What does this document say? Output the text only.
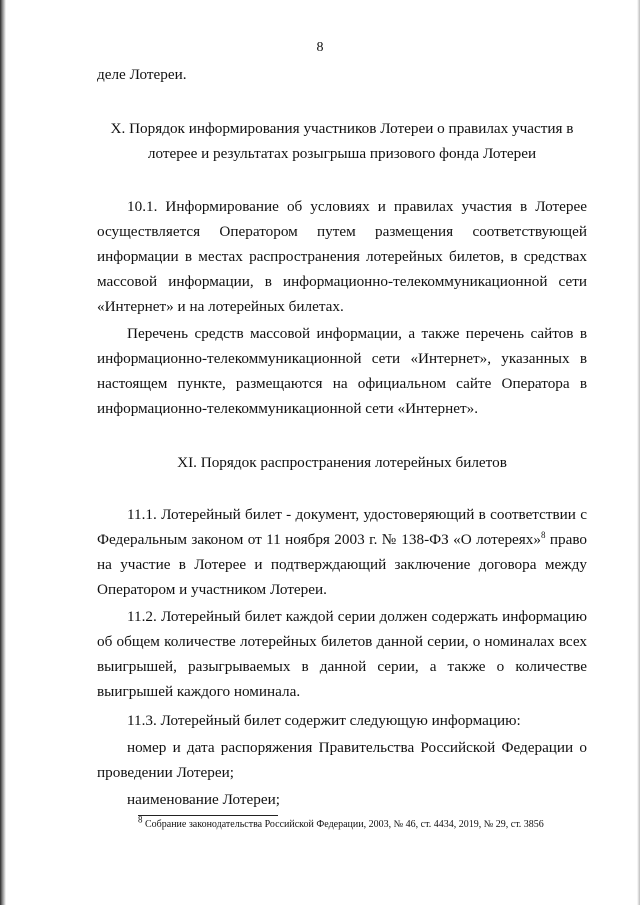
8

деле Лотереи.

X. Порядок информирования участников Лотереи о правилах участия в

лотерее и результатах розыгрыша призового фонда Лотереи

10.1. Информирование об условиях и правилах участия в Лотерее осуществляется Оператором путем размещения соответствующей информации в местах распространения лотерейных билетов, в средствах массовой информации, в информационно-телекоммуникационной сети «Интернет» и на лотерейных билетах.

Перечень средств массовой информации, а также перечень сайтов в информационно-телекоммуникационной сети «Интернет», указанных в настоящем пункте, размещаются на официальном сайте Оператора в информационно-телекоммуникационной сети «Интернет».

XI. Порядок распространения лотерейных билетов

11.1. Лотерейный билет - документ, удостоверяющий в соответствии с Федеральным законом от 11 ноября 2003 г. № 138-ФЗ «О лотереях»$^8$ право на участие в Лотерее и подтверждающий заключение договора между Оператором и участником Лотереи.

11.2. Лотерейный билет каждой серии должен содержать информацию об общем количестве лотерейных билетов данной серии, о номиналах всех выигрышей, разыгрываемых в данной серии, а также о количестве выигрышей каждого номинала.

11.3. Лотерейный билет содержит следующую информацию:

номер и дата распоряжения Правительства Российской Федерации о проведении Лотереи;

наименование Лотереи;

$^8$ Собрание законодательства Российской Федерации, 2003, № 46, ст. 4434, 2019, № 29, ст. 3856
